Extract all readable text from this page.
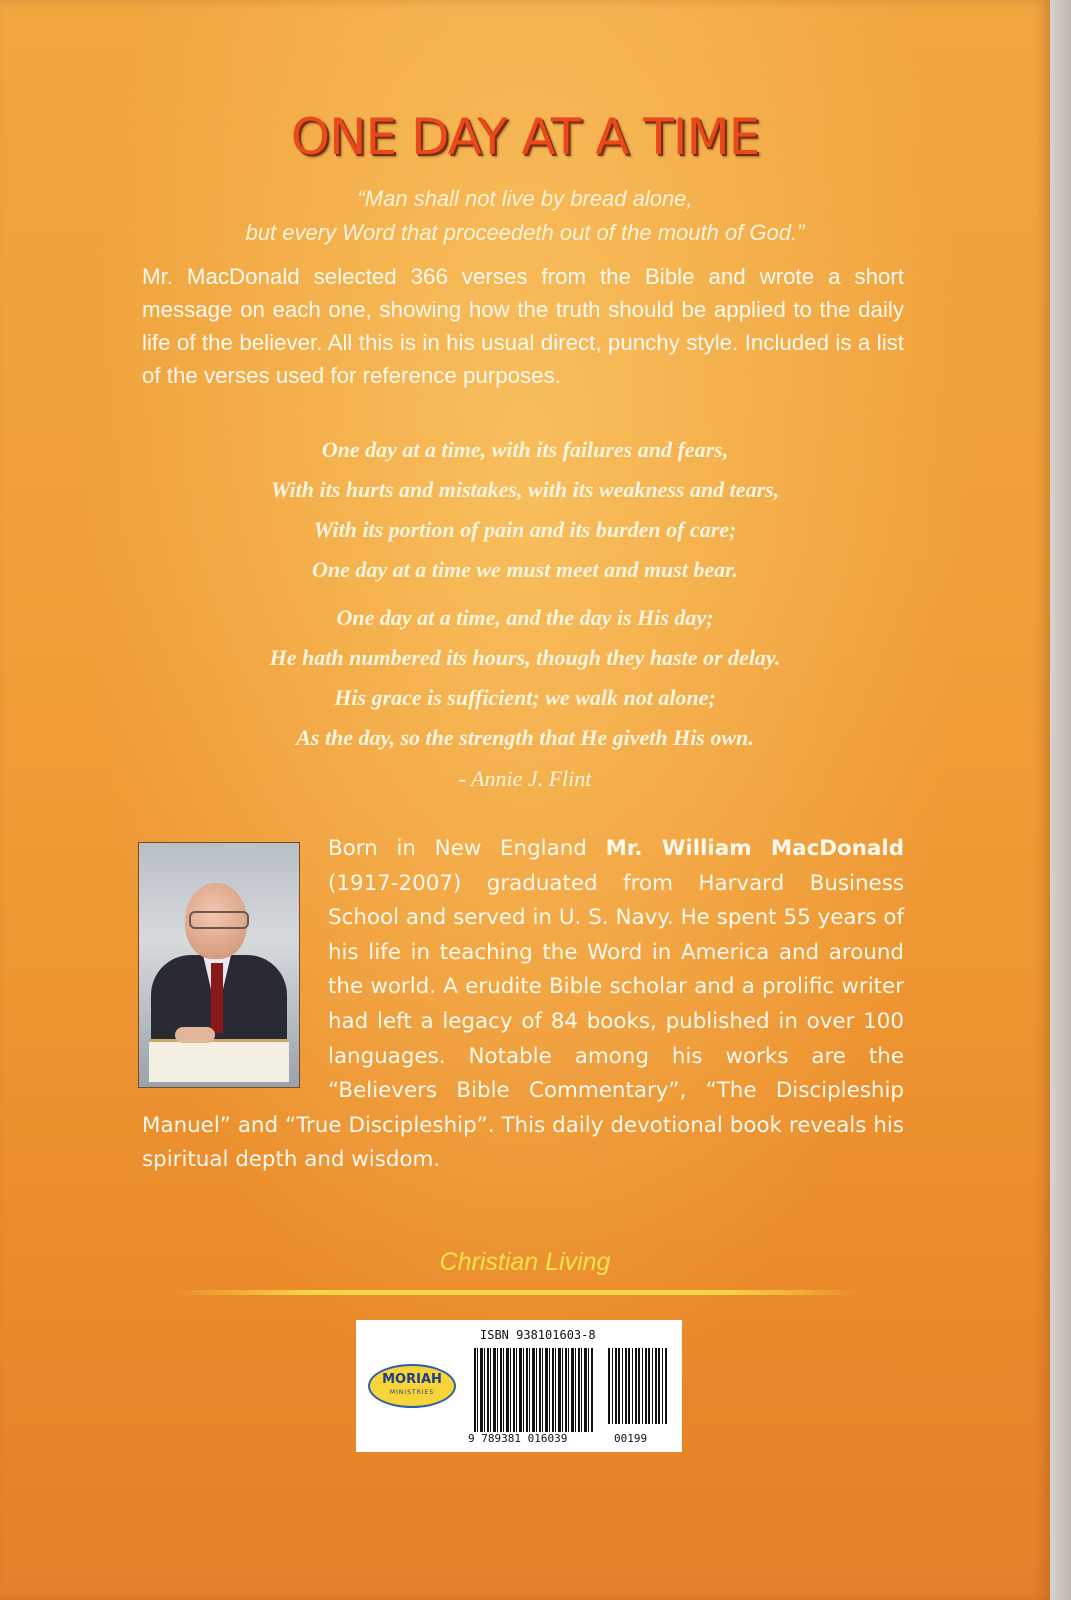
ONE DAY AT A TIME
“Man shall not live by bread alone,
but every Word that proceedeth out of the mouth of God.”
Mr. MacDonald selected 366 verses from the Bible and wrote a short message on each one, showing how the truth should be applied to the daily life of the believer. All this is in his usual direct, punchy style. Included is a list of the verses used for reference purposes.

One day at a time, with its failures and fears,

With its hurts and mistakes, with its weakness and tears,

With its portion of pain and its burden of care;

One day at a time we must meet and must bear.

One day at a time, and the day is His day;

He hath numbered its hours, though they haste or delay.

His grace is sufficient; we walk not alone;

As the day, so the strength that He giveth His own.

- Annie J. Flint
Born in New England Mr. William MacDonald (1917-2007) graduated from Harvard Business School and served in U. S. Navy. He spent 55 years of his life in teaching the Word in America and around the world. A erudite Bible scholar and a prolific writer had left a legacy of 84 books, published in over 100 languages. Notable among his works are the “Believers Bible Commentary”, “The Discipleship Manuel” and “True Discipleship”. This daily devotional book reveals his spiritual depth and wisdom.
Christian Living
ISBN 938101603-8
MORIAH
MINISTRIES
9 789381 016039	00199
